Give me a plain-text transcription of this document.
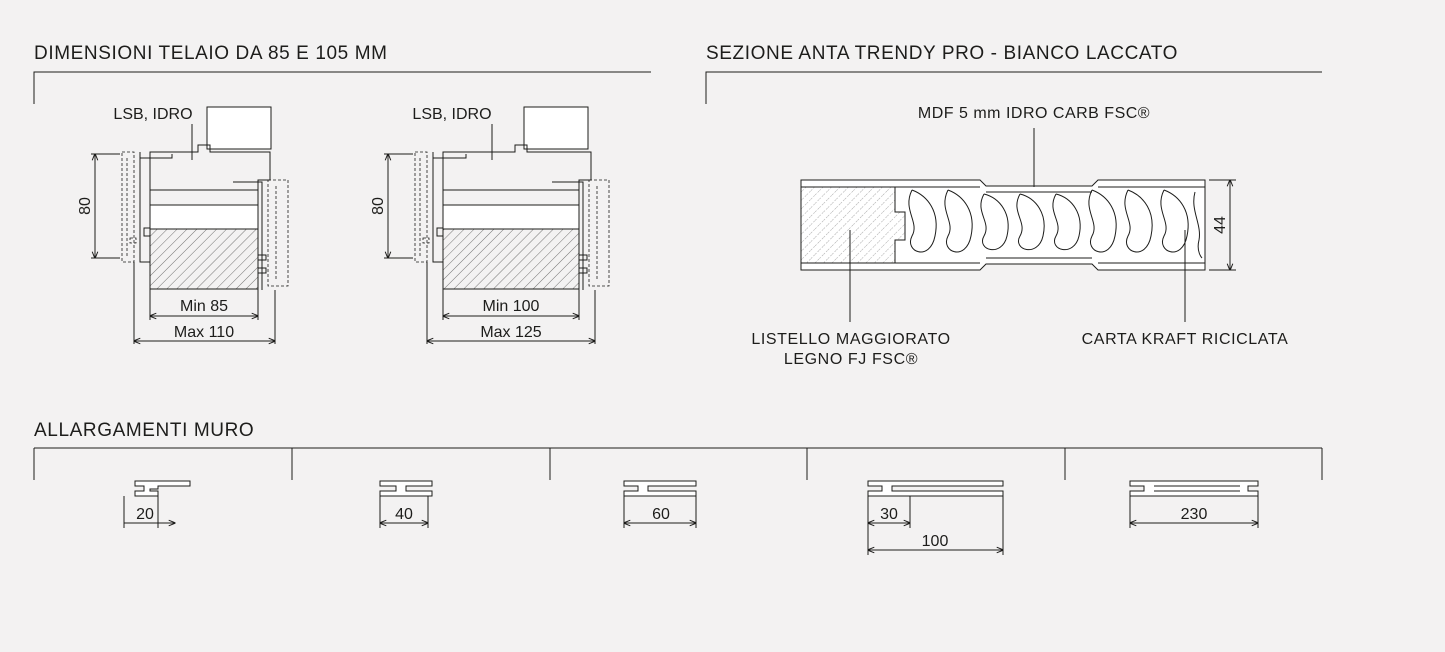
DIMENSIONI TELAIO DA 85 E 105 MM	SEZIONE ANTA TRENDY PRO - BIANCO LACCATO
ALLARGAMENTI MURO
LSB, IDRO
80
Min 85
Max 110
LSB, IDRO
80
Min 100
Max 125
MDF 5 mm IDRO CARB FSC®
44
LISTELLO MAGGIORATO
LEGNO FJ FSC®
CARTA KRAFT RICICLATA
20	40	60	30
100
230
